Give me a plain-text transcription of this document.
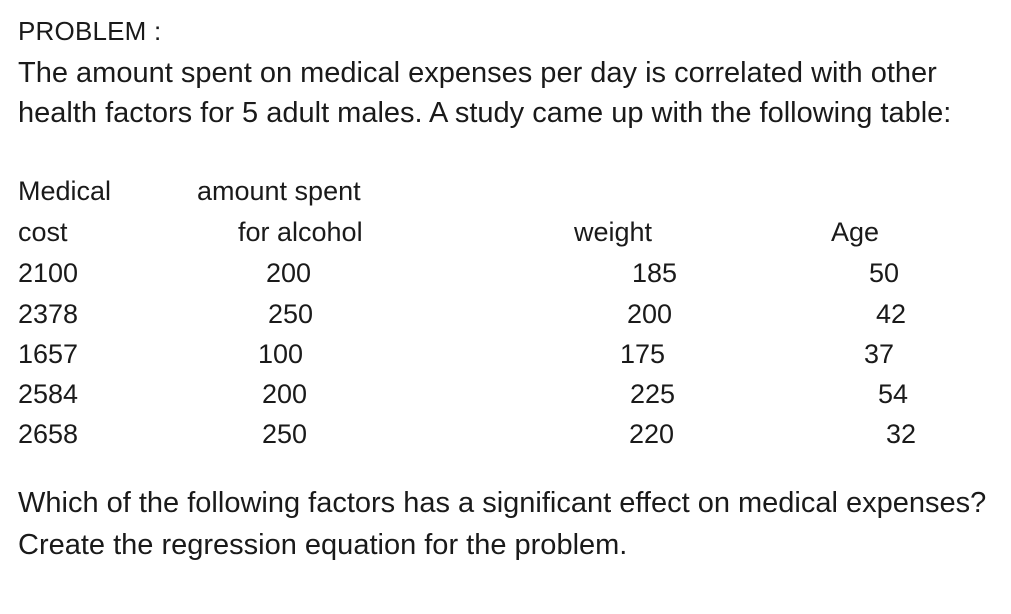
PROBLEM :

The amount spent on medical expenses per day is correlated with other health factors for 5 adult males. A study came up with the following table:

Medical	amount spent
cost	for alcohol	weight	Age
2100	200	185	50
2378	250	200	42
1657	100	175	37
2584	200	225	54
2658	250	220	32

Which of the following factors has a significant effect on medical expenses? Create the regression equation for the problem.
